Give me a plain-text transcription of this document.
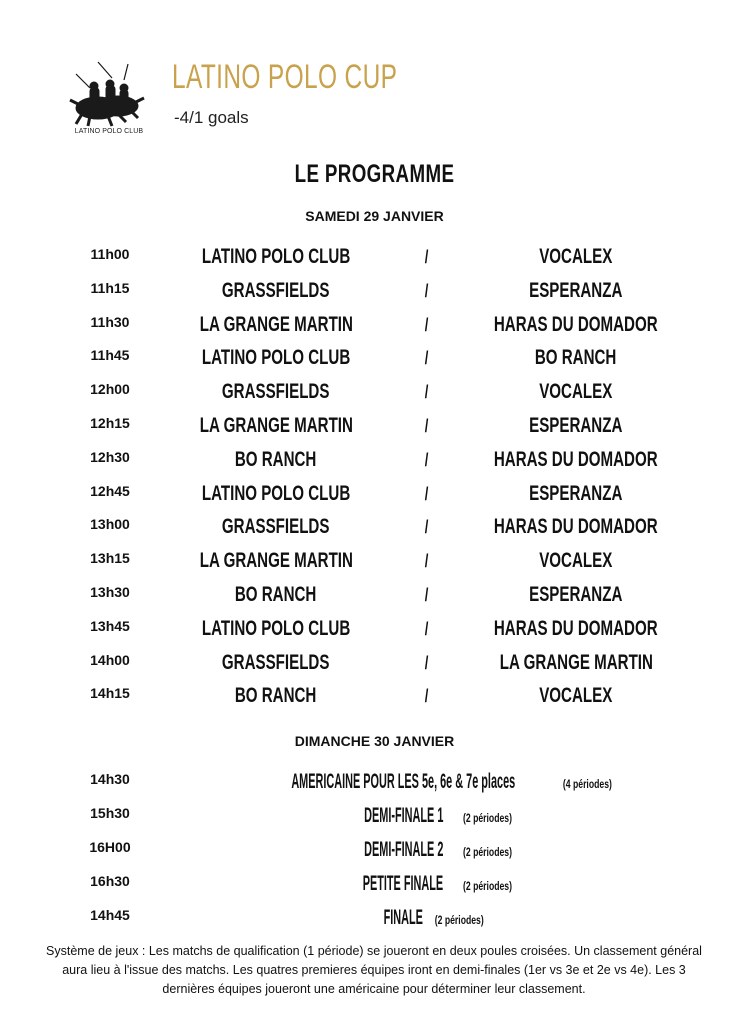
LATINO POLO CLUB
LATINO POLO CUP
-4/1 goals
LE PROGRAMME
SAMEDI 29 JANVIER
11h00	LATINO POLO CLUB	/	VOCALEX
11h15	GRASSFIELDS	/	ESPERANZA
11h30	LA GRANGE MARTIN	/	HARAS DU DOMADOR
11h45	LATINO POLO CLUB	/	BO RANCH
12h00	GRASSFIELDS	/	VOCALEX
12h15	LA GRANGE MARTIN	/	ESPERANZA
12h30	BO RANCH	/	HARAS DU DOMADOR
12h45	LATINO POLO CLUB	/	ESPERANZA
13h00	GRASSFIELDS	/	HARAS DU DOMADOR
13h15	LA GRANGE MARTIN	/	VOCALEX
13h30	BO RANCH	/	ESPERANZA
13h45	LATINO POLO CLUB	/	HARAS DU DOMADOR
14h00	GRASSFIELDS	/	LA GRANGE MARTIN
14h15	BO RANCH	/	VOCALEX
DIMANCHE 30 JANVIER
14h30	AMERICAINE POUR LES 5e, 6e & 7e places	(4 périodes)
15h30	DEMI-FINALE 1 (2 périodes)
16H00	DEMI-FINALE 2 (2 périodes)
16h30	PETITE FINALE (2 périodes)
14h45	FINALE (2 périodes)
Système de jeux : Les matchs de qualification (1 période) se joueront en deux poules croisées. Un classement général aura lieu à l'issue des matchs. Les quatres premieres équipes iront en demi-finales (1er vs 3e et 2e vs 4e). Les 3 dernières équipes joueront une américaine pour déterminer leur classement.
